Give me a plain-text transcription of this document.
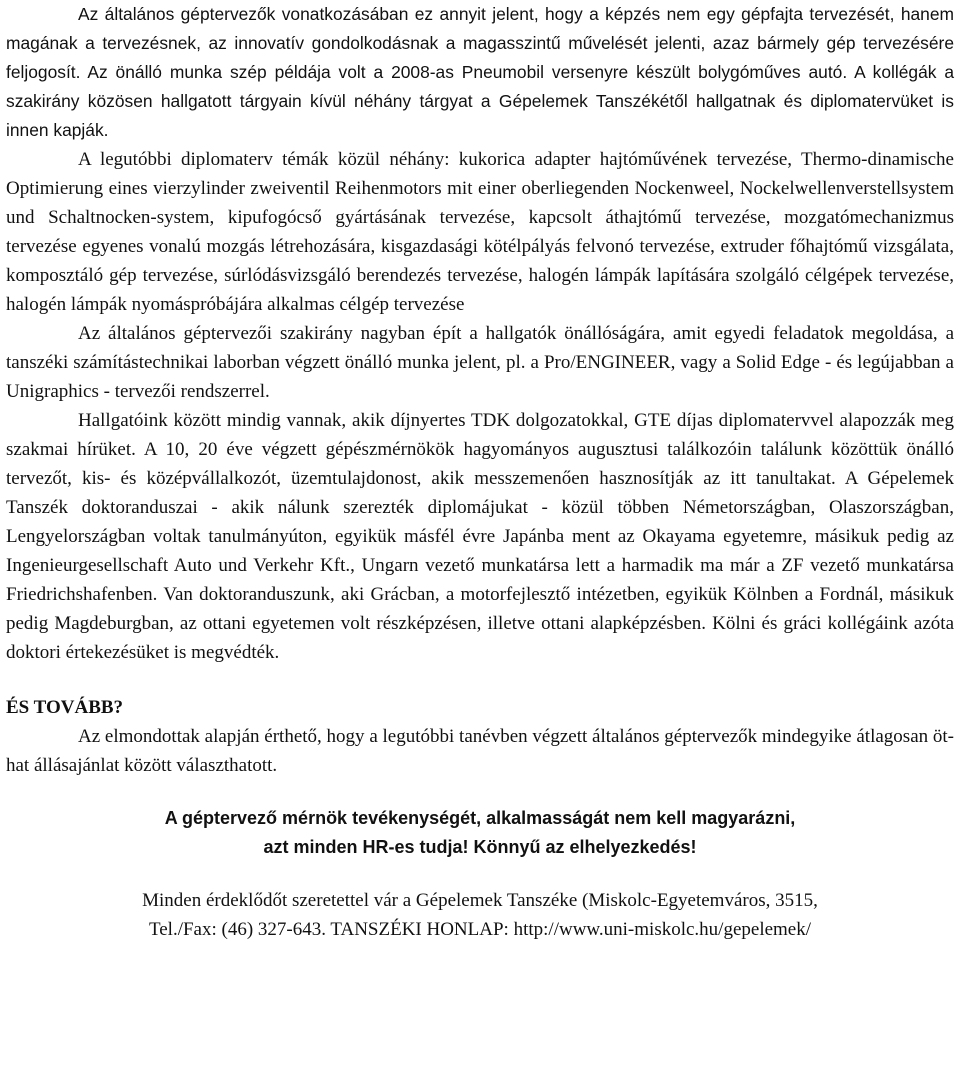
Az általános géptervezők vonatkozásában ez annyit jelent, hogy a képzés nem egy gépfajta tervezését, hanem magának a tervezésnek, az innovatív gondolkodásnak a magasszintű művelését jelenti, azaz bármely gép tervezésére feljogosít. Az önálló munka szép példája volt a 2008-as Pneumobil versenyre készült bolygóműves autó. A kollégák a szakirány közösen hallgatott tárgyain kívül néhány tárgyat a Gépelemek Tanszékétől hallgatnak és diplomatervüket is innen kapják.

A legutóbbi diplomaterv témák közül néhány: kukorica adapter hajtóművének tervezése, Thermo-dinamische Optimierung eines vierzylinder zweiventil Reihenmotors mit einer oberliegenden Nockenweel, Nockelwellenverstellsystem und Schaltnocken-system, kipufogócső gyártásának tervezése, kapcsolt áthajtómű tervezése, mozgatómechanizmus tervezése egyenes vonalú mozgás létrehozására, kisgazdasági kötélpályás felvonó tervezése, extruder főhajtómű vizsgálata, komposztáló gép tervezése, súrlódásvizsgáló berendezés tervezése, halogén lámpák lapítására szolgáló célgépek tervezése, halogén lámpák nyomáspróbájára alkalmas célgép tervezése

Az általános géptervezői szakirány nagyban épít a hallgatók önállóságára, amit egyedi feladatok megoldása, a tanszéki számítástechnikai laborban végzett önálló munka jelent, pl. a Pro/ENGINEER, vagy a Solid Edge - és legújabban a Unigraphics - tervezői rendszerrel.

Hallgatóink között mindig vannak, akik díjnyertes TDK dolgozatokkal, GTE díjas diplomatervvel alapozzák meg szakmai hírüket. A 10, 20 éve végzett gépészmérnökök hagyományos augusztusi találkozóin találunk közöttük önálló tervezőt, kis- és középvállalkozót, üzemtulajdonost, akik messzemenően hasznosítják az itt tanultakat. A Gépelemek Tanszék doktoranduszai - akik nálunk szerezték diplomájukat - közül többen Németországban, Olaszországban, Lengyelországban voltak tanulmányúton, egyikük másfél évre Japánba ment az Okayama egyetemre, másikuk pedig az Ingenieurgesellschaft Auto und Verkehr Kft., Ungarn vezető munkatársa lett a harmadik ma már a ZF vezető munkatársa Friedrichshafenben. Van doktoranduszunk, aki Grácban, a motorfejlesztő intézetben, egyikük Kölnben a Fordnál, másikuk pedig Magdeburgban, az ottani egyetemen volt részképzésen, illetve ottani alapképzésben. Kölni és gráci kollégáink azóta doktori értekezésüket is megvédték.

ÉS TOVÁBB?

Az elmondottak alapján érthető, hogy a legutóbbi tanévben végzett általános géptervezők mindegyike átlagosan öt-hat állásajánlat között választhatott.

A géptervező mérnök tevékenységét, alkalmasságát nem kell magyarázni,
azt minden HR-es tudja! Könnyű az elhelyezkedés!
Minden érdeklődőt szeretettel vár a Gépelemek Tanszéke (Miskolc-Egyetemváros, 3515,
Tel./Fax: (46) 327-643. TANSZÉKI HONLAP: http://www.uni-miskolc.hu/gepelemek/
